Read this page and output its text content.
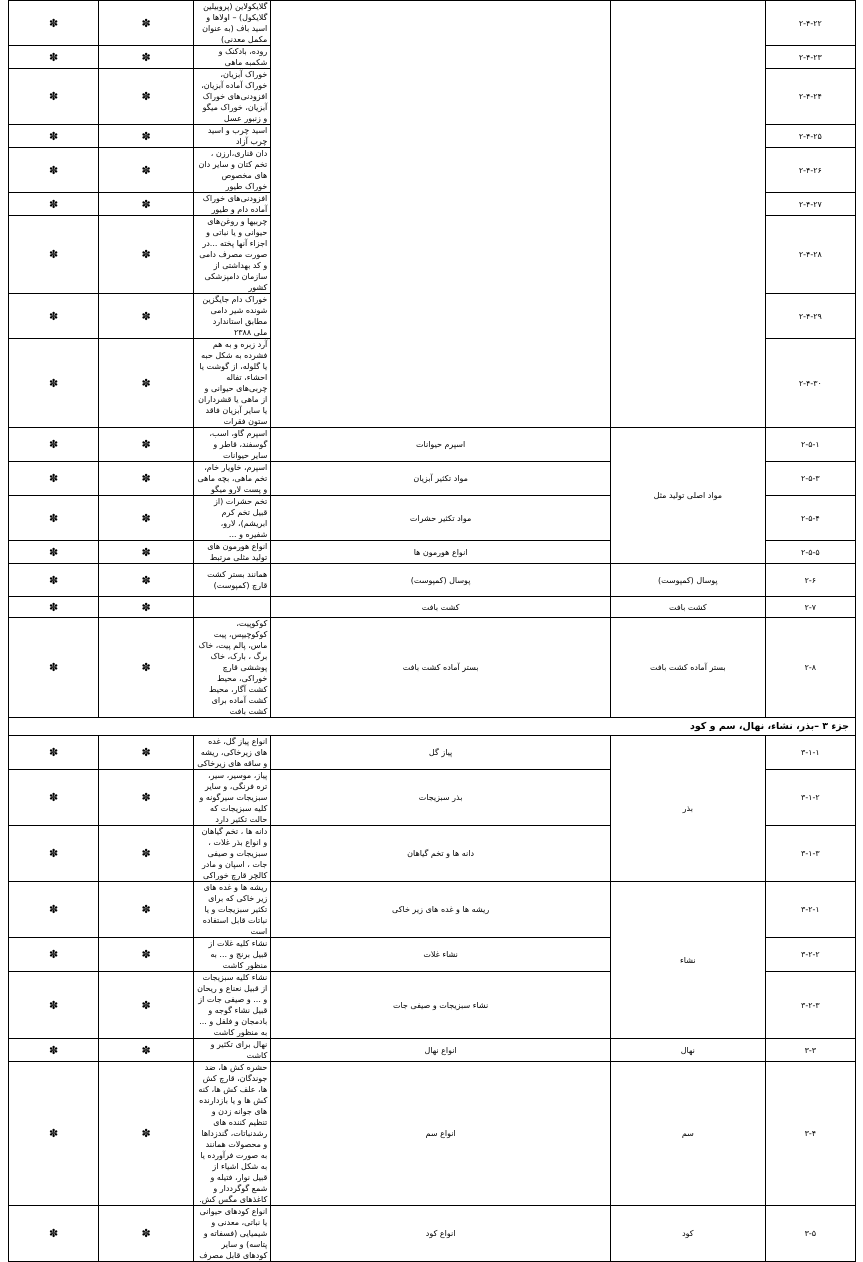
۲-۴-۲۲			گلایکولاین (پروبیلین گلایکول) – اولاها و اسید باف (به عنوان مکمل معدنی)	✽	✽
۲-۴-۲۳			روده، بادکنک و شکمبه ماهی	✽	✽
۲-۴-۲۴			خوراک آبزیان، خوراک آماده آبزیان، افزودنی‌های خوراک آبزیان، خوراک میگو و زنبور عسل	✽	✽
۲-۴-۲۵			اسید چرب و اسید چرب آزاد	✽	✽
۲-۴-۲۶			دان قناری،ارزن ، تخم کتان و سایر دان های مخصوص خوراک طیور	✽	✽
۲-۴-۲۷			افزودنی‌های خوراک آماده دام و طیور	✽	✽
۲-۴-۲۸			چربیها و روغن‌های حیوانی و یا نباتی و اجزاء آنها پخته ...در صورت مصرف دامی و کد بهداشتی از سازمان دامپزشکی کشور	✽	✽
۲-۴-۲۹			خوراک دام جایگزین شونده شیر دامی مطابق استاندارد ملی ۲۳۸۸	✽	✽
۲-۴-۳۰			آرد زبره و به هم فشرده به شکل حبه یا گلوله، از گوشت یا احشاء، تفاله چربی‌های حیوانی و از ماهی یا قشرداران یا سایر آبزیان فاقد ستون فقرات	✽	✽
۲-۵-۱	مواد اصلی تولید مثل	اسپرم حیوانات	اسپرم گاو، اسب، گوسفند، قاطر و سایر حیوانات	✽	✽
۲-۵-۳		مواد تکثیر آبزیان	اسپرم، خاویار خام، تخم ماهی، بچه ماهی و پست لارو میگو	✽	✽
۲-۵-۴		مواد تکثیر حشرات	تخم حشرات (از قبیل تخم کرم ابریشم)، لارو، شفیره و ...	✽	✽
۲-۵-۵		انواع هورمون ها	انواع هورمون های تولید مثلی مرتبط	✽	✽
۲-۶	پوسال (کمپوست)	پوسال (کمپوست)	همانند بستر کشت قارچ (کمپوست)	✽	✽
۲-۷	کشت بافت	کشت بافت		✽	✽
۲-۸	بستر آماده کشت بافت	بستر آماده کشت بافت	کوکوپیت، کوکوچیپس، پیت ماس، پالم پیت، خاک برگ ، بارک، خاک پوششی قارچ خوراکی، محیط کشت آگار، محیط کشت آماده برای کشت بافت	✽	✽
جزء ۳ –بذر، نشاء، نهال، سم و کود					
۳-۱-۱	بذر	پیاز گل	انواع پیاز گل، غده های زیرخاکی، ریشه و ساقه های زیرخاکی	✽	✽
۳-۱-۲		بذر سبزیجات	پیاز، موسیر، سیر، تره فرنگی، و سایر سبزیجات سیرگونه و کلیه سبزیجات که حالت تکثیر دارد	✽	✽
۳-۱-۳		دانه ها و تخم گیاهان	دانه ها ، تخم گیاهان و انواع بذر غلات ، سبزیجات و صیفی جات ، اسپان و مادر کالچر قارچ خوراکی	✽	✽
۳-۲-۱	نشاء	ریشه ها و غده های زیر خاکی	ریشه ها و غده های زیر خاکی که برای تکثیر سبزیجات و یا نباتات قابل استفاده است	✽	✽
۳-۲-۲		نشاء غلات	نشاء کلیه غلات از قبیل برنج و ... به منظور کاشت	✽	✽
۳-۲-۳		نشاء سبزیجات و صیفی جات	نشاء کلیه سبزیجات از قبیل نعناع و ریحان و ... و صیفی جات از قبیل نشاء گوجه و بادمجان و فلفل و ... به منظور کاشت	✽	✽
۳-۳	نهال	انواع نهال	نهال برای تکثیر و کاشت	✽	✽
۳-۴	سم	انواع سم	حشره کش ها، ضد جوندگان، قارچ کش ها، علف کش ها، کنه کش ها و یا بازدارنده های جوانه زدن و تنظیم کننده های رشدنباتات، گندزداها و محصولات همانند به صورت فرآورده یا به شکل اشیاء از قبیل نوار، فتیله و شمع گوگرددار و کاغذهای مگس کش.	✽	✽
۳-۵	کود	انواع کود	انواع کودهای حیوانی یا نباتی، معدنی و شیمیایی (فسفاته و پتاسه) و سایر کودهای قابل مصرف	✽	✽
